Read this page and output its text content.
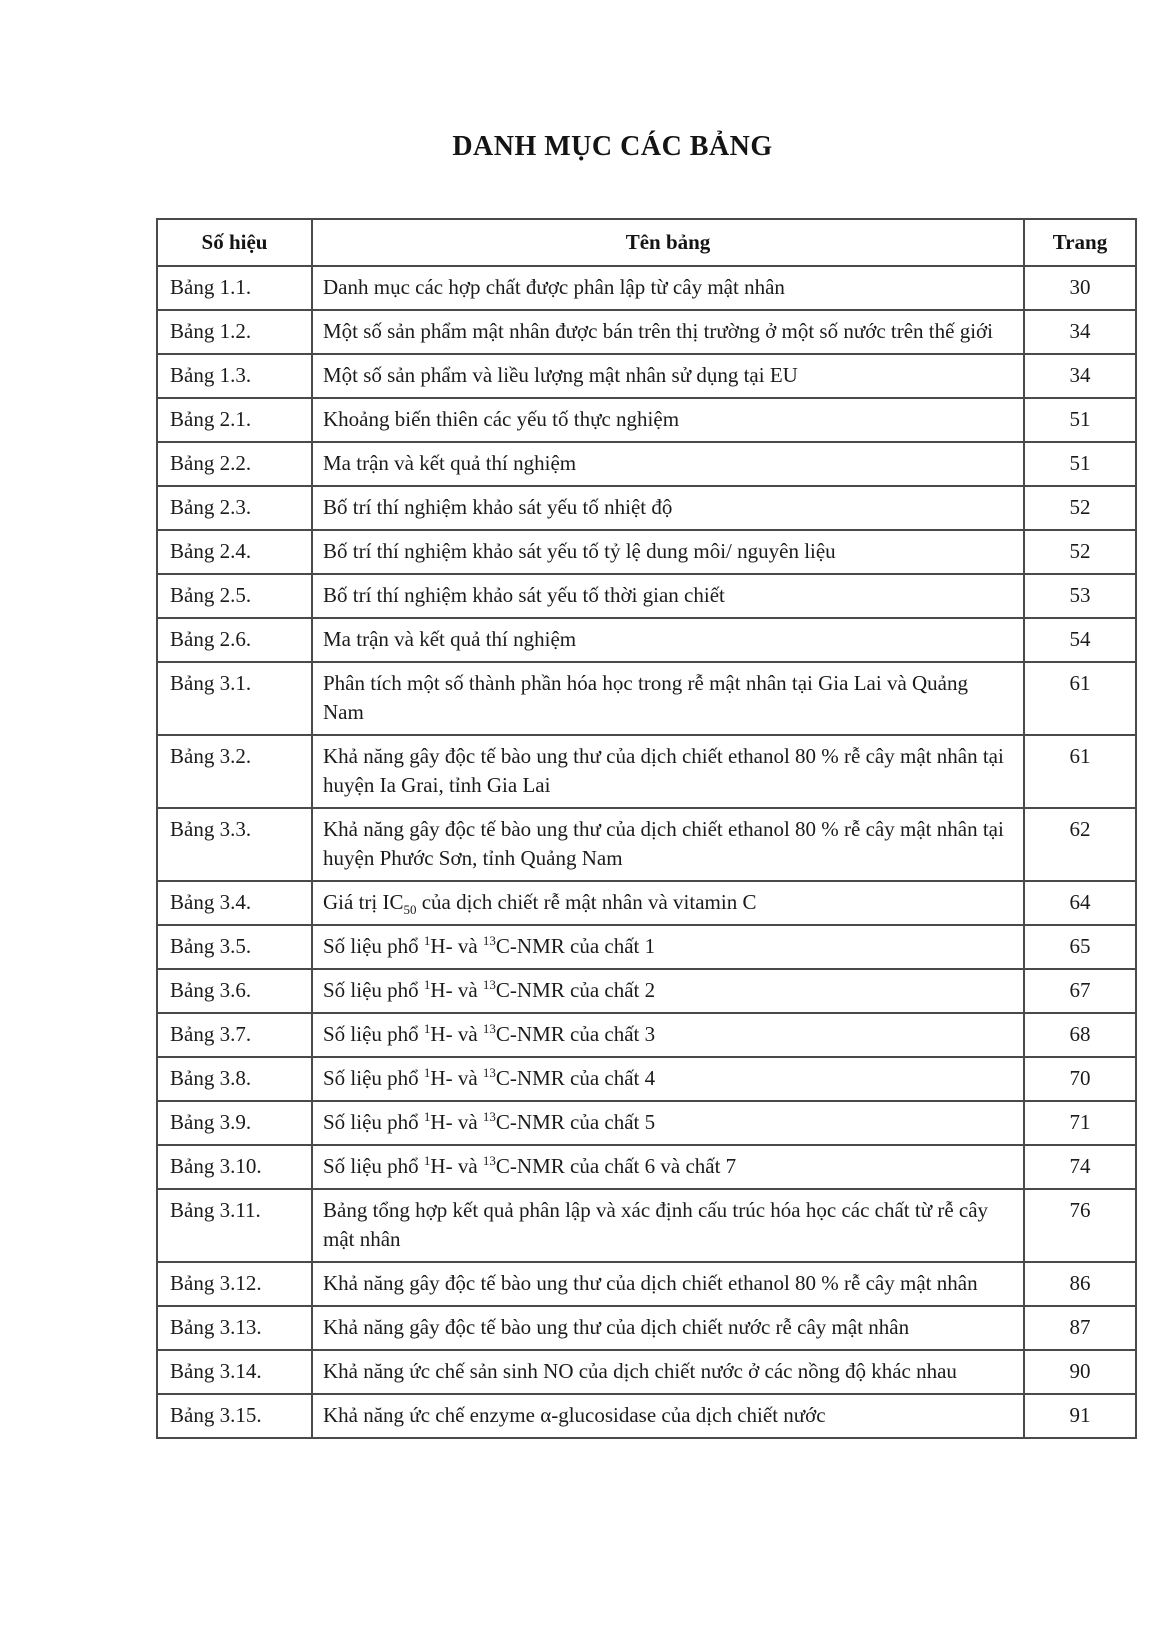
DANH MỤC CÁC BẢNG
Số hiệu	Tên bảng	Trang
Bảng 1.1.	Danh mục các hợp chất được phân lập từ cây mật nhân	30
Bảng 1.2.	Một số sản phẩm mật nhân được bán trên thị trường ở một số nước trên thế giới	34
Bảng 1.3.	Một số sản phẩm và liều lượng mật nhân sử dụng tại EU	34
Bảng 2.1.	Khoảng biến thiên các yếu tố thực nghiệm	51
Bảng 2.2.	Ma trận và kết quả thí nghiệm	51
Bảng 2.3.	Bố trí thí nghiệm khảo sát yếu tố nhiệt độ	52
Bảng 2.4.	Bố trí thí nghiệm khảo sát yếu tố tỷ lệ dung môi/ nguyên liệu	52
Bảng 2.5.	Bố trí thí nghiệm khảo sát yếu tố thời gian chiết	53
Bảng 2.6.	Ma trận và kết quả thí nghiệm	54
Bảng 3.1.	Phân tích một số thành phần hóa học trong rễ mật nhân tại Gia Lai và Quảng Nam	61
Bảng 3.2.	Khả năng gây độc tế bào ung thư của dịch chiết ethanol 80 % rễ cây mật nhân tại huyện Ia Grai, tỉnh Gia Lai	61
Bảng 3.3.	Khả năng gây độc tế bào ung thư của dịch chiết ethanol 80 % rễ cây mật nhân tại huyện Phước Sơn, tỉnh Quảng Nam	62
Bảng 3.4.	Giá trị $IC_{50}$ của dịch chiết rễ mật nhân và vitamin C	64
Bảng 3.5.	Số liệu phổ $^1$H- và $^{13}$C-NMR của chất 1	65
Bảng 3.6.	Số liệu phổ $^1$H- và $^{13}$C-NMR của chất 2	67
Bảng 3.7.	Số liệu phổ $^1$H- và $^{13}$C-NMR của chất 3	68
Bảng 3.8.	Số liệu phổ $^1$H- và $^{13}$C-NMR của chất 4	70
Bảng 3.9.	Số liệu phổ $^1$H- và $^{13}$C-NMR của chất 5	71
Bảng 3.10.	Số liệu phổ $^1$H- và $^{13}$C-NMR của chất 6 và chất 7	74
Bảng 3.11.	Bảng tổng hợp kết quả phân lập và xác định cấu trúc hóa học các chất từ rễ cây mật nhân	76
Bảng 3.12.	Khả năng gây độc tế bào ung thư của dịch chiết ethanol 80 % rễ cây mật nhân	86
Bảng 3.13.	Khả năng gây độc tế bào ung thư của dịch chiết nước rễ cây mật nhân	87
Bảng 3.14.	Khả năng ức chế sản sinh NO của dịch chiết nước ở các nồng độ khác nhau	90
Bảng 3.15.	Khả năng ức chế enzyme α-glucosidase của dịch chiết nước	91
